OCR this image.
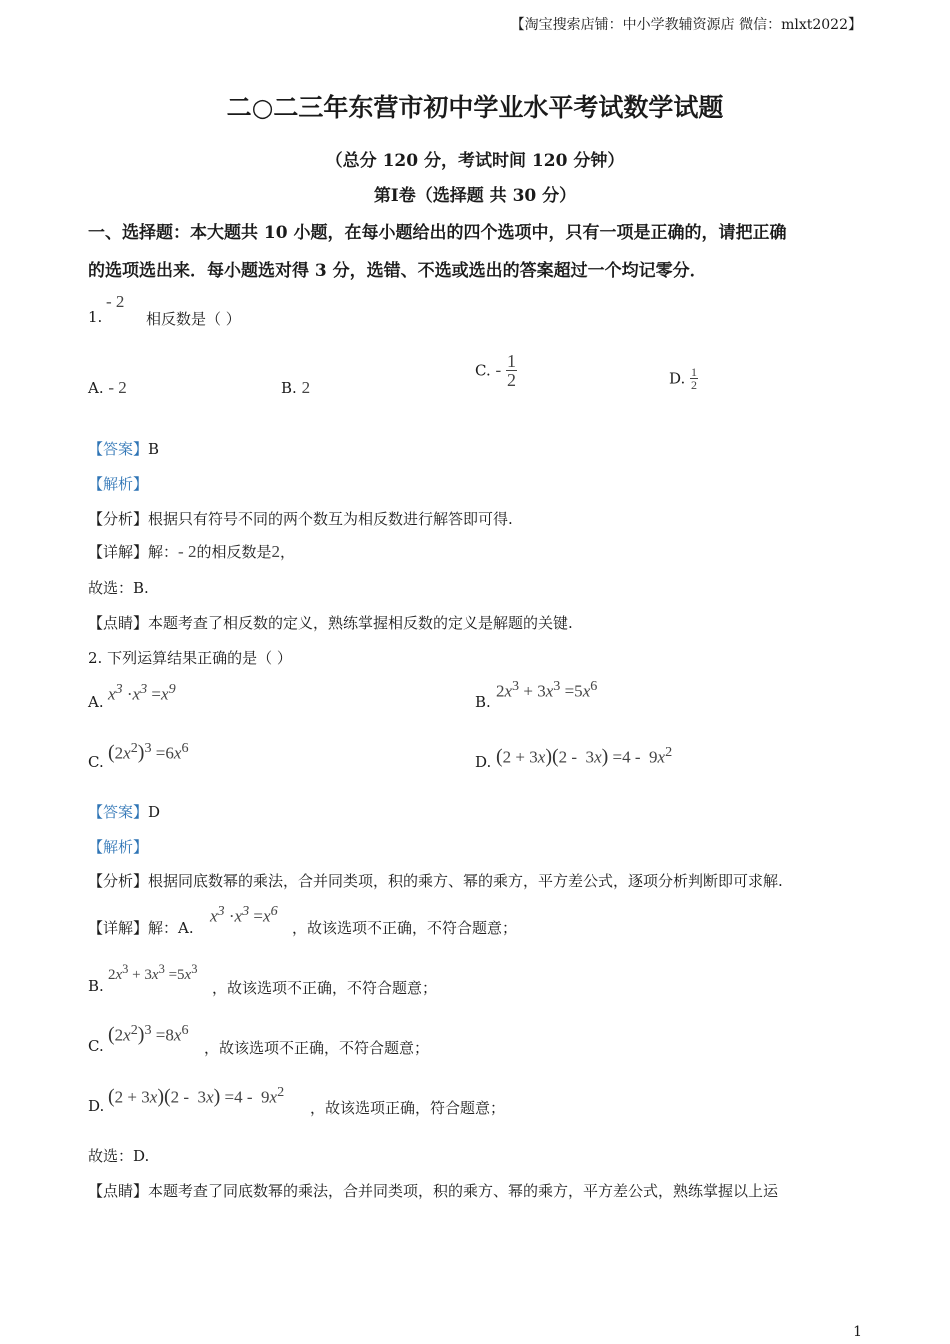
【淘宝搜索店铺：中小学教辅资源店 微信：mlxt2022】
二○二三年东营市初中学业水平考试数学试题
（总分 120 分，考试时间 120 分钟）
第Ⅰ卷（选择题 共 30 分）
一、选择题：本大题共 10 小题，在每小题给出的四个选项中，只有一项是正确的，请把正确
的选项选出来．每小题选对得 3 分，选错、不选或选出的答案超过一个均记零分．
1.
- 2
相反数是（ ）
A. - 2	B. 2
C. - $\frac{1}{2}$	D. $\frac{1}{2}$
【答案】B
【解析】
【分析】根据只有符号不同的两个数互为相反数进行解答即可得.
【详解】解：- 2的相反数是2，
故选：B.
【点睛】本题考查了相反数的定义，熟练掌握相反数的定义是解题的关键.
2. 下列运算结果正确的是（ ）
A. $x^3 \cdot x^3 =x^9$
B.
$2x^3 + 3x^3 =5x^6$
C. $(2x^2)^3 =6x^6$
D. $(2 + 3x)(2 - 3x) =4 - 9x^2$
【答案】D
【解析】
【分析】根据同底数幂的乘法，合并同类项，积的乘方、幂的乘方，平方差公式，逐项分析判断即可求解.
【详解】解：A.
$x^3 \cdot x^3 =x^6$
，故该选项不正确，不符合题意；
B.
$2x^3 + 3x^3 =5x^3$
，故该选项不正确，不符合题意；
C.
$(2x^2)^3 =8x^6$
，故该选项不正确，不符合题意；
D. $(2 + 3x)(2 - 3x) =4 - 9x^2$
，故该选项正确，符合题意；
故选：D.
【点睛】本题考查了同底数幂的乘法，合并同类项，积的乘方、幂的乘方，平方差公式，熟练掌握以上运
1
